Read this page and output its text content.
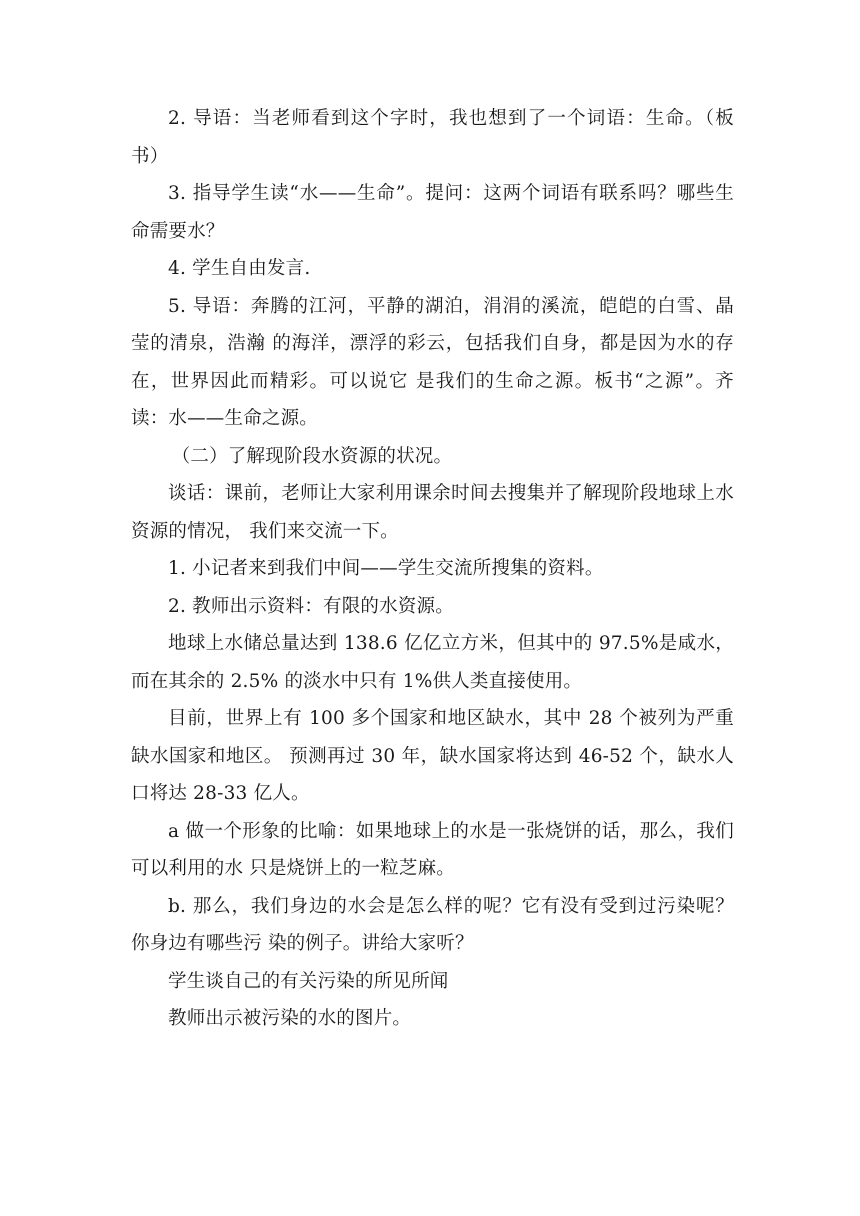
2. 导语：当老师看到这个字时，我也想到了一个词语：生命。（板书）

3. 指导学生读“水——生命”。提问：这两个词语有联系吗？哪些生命需要水？

4. 学生自由发言.

5. 导语：奔腾的江河，平静的湖泊，涓涓的溪流，皑皑的白雪、晶莹的清泉，浩瀚 的海洋，漂浮的彩云，包括我们自身，都是因为水的存在，世界因此而精彩。可以说它 是我们的生命之源。板书“之源”。齐读：水——生命之源。

（二）了解现阶段水资源的状况。

谈话：课前，老师让大家利用课余时间去搜集并了解现阶段地球上水资源的情况， 我们来交流一下。

1. 小记者来到我们中间——学生交流所搜集的资料。

2. 教师出示资料：有限的水资源。

地球上水储总量达到 138.6 亿亿立方米，但其中的 97.5%是咸水，而在其余的 2.5% 的淡水中只有 1%供人类直接使用。

目前，世界上有 100 多个国家和地区缺水，其中 28 个被列为严重缺水国家和地区。 预测再过 30 年，缺水国家将达到 46-52 个，缺水人口将达 28-33 亿人。

a 做一个形象的比喻：如果地球上的水是一张烧饼的话，那么，我们可以利用的水 只是烧饼上的一粒芝麻。

b. 那么，我们身边的水会是怎么样的呢？它有没有受到过污染呢？你身边有哪些污 染的例子。讲给大家听？

学生谈自己的有关污染的所见所闻

教师出示被污染的水的图片。
